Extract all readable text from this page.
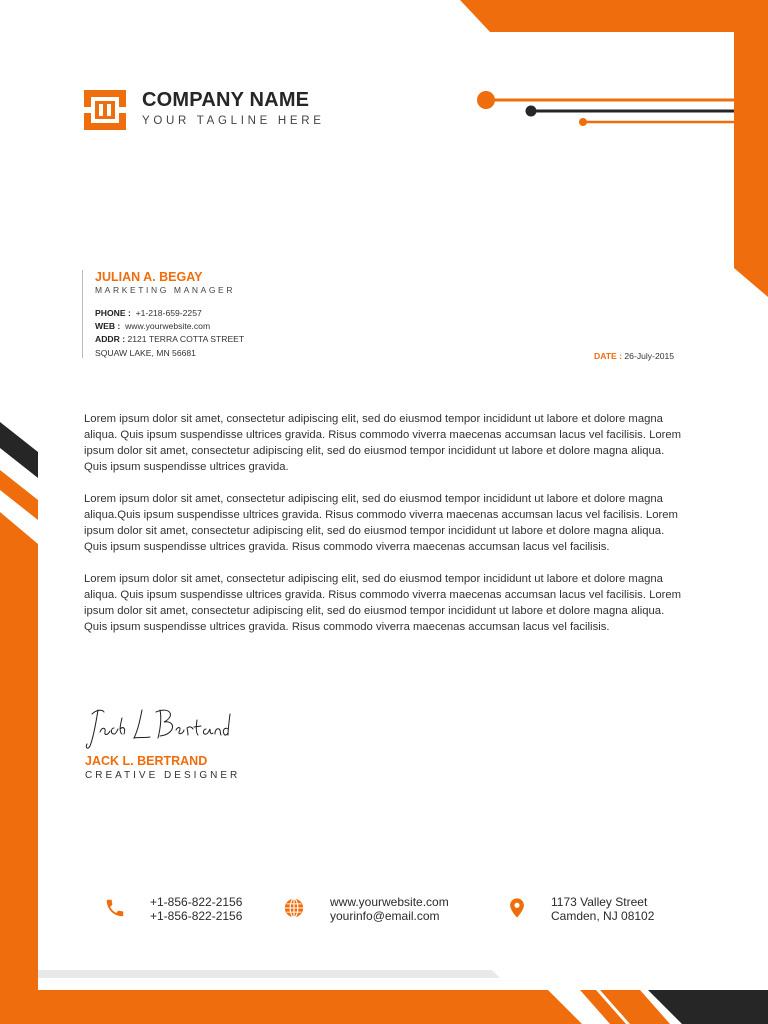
COMPANY NAME
YOUR TAGLINE HERE
JULIAN A. BEGAY
MARKETING MANAGER
PHONE : +1-218-659-2257
WEB : www.yourwebsite.com
ADDR : 2121 TERRA COTTA STREET
SQUAW LAKE, MN 56681	DATE : 26-July-2015

Lorem ipsum dolor sit amet, consectetur adipiscing elit, sed do eiusmod tempor incididunt ut labore et dolore magna aliqua. Quis ipsum suspendisse ultrices gravida. Risus commodo viverra maecenas accumsan lacus vel facilisis. Lorem ipsum dolor sit amet, consectetur adipiscing elit, sed do eiusmod tempor incididunt ut labore et dolore magna aliqua. Quis ipsum suspendisse ultrices gravida.

Lorem ipsum dolor sit amet, consectetur adipiscing elit, sed do eiusmod tempor incididunt ut labore et dolore magna aliqua.Quis ipsum suspendisse ultrices gravida. Risus commodo viverra maecenas accumsan lacus vel facilisis. Lorem ipsum dolor sit amet, consectetur adipiscing elit, sed do eiusmod tempor incididunt ut labore et dolore magna aliqua. Quis ipsum suspendisse ultrices gravida. Risus commodo viverra maecenas accumsan lacus vel facilisis.

Lorem ipsum dolor sit amet, consectetur adipiscing elit, sed do eiusmod tempor incididunt ut labore et dolore magna aliqua. Quis ipsum suspendisse ultrices gravida. Risus commodo viverra maecenas accumsan lacus vel facilisis. Lorem ipsum dolor sit amet, consectetur adipiscing elit, sed do eiusmod tempor incididunt ut labore et dolore magna aliqua. Quis ipsum suspendisse ultrices gravida. Risus commodo viverra maecenas accumsan lacus vel facilisis.

JACK L. BERTRAND
CREATIVE DESIGNER
+1-856-822-2156
+1-856-822-2156
www.yourwebsite.com
yourinfo@email.com
1173 Valley Street
Camden, NJ 08102
